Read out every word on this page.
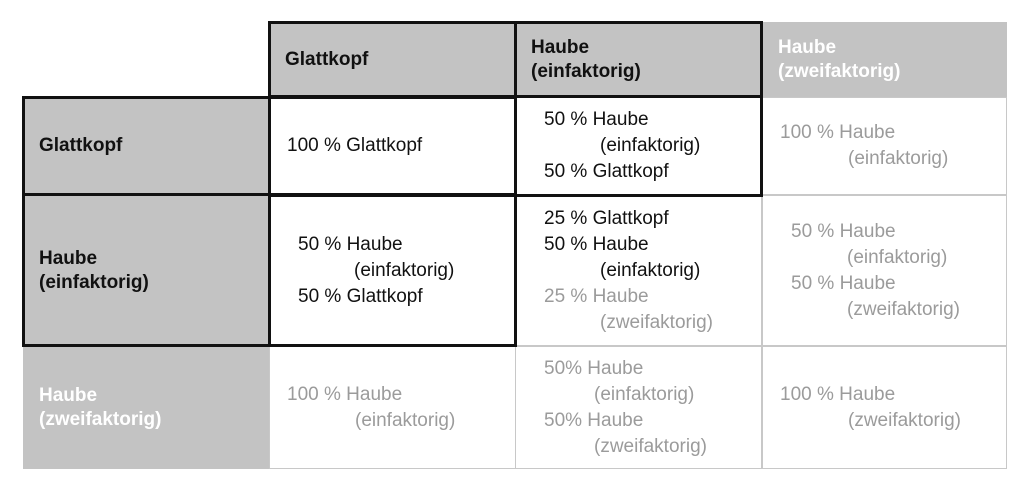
Glattkopf
Haube
(einfaktorig)
Haube
(zweifaktorig)
Glattkopf
Haube
(einfaktorig)
Haube
(zweifaktorig)
100 % Glattkopf
50 % Haube
(einfaktorig)
50 % Glattkopf
100 % Haube
(einfaktorig)
50 % Haube
(einfaktorig)
50 % Glattkopf
25 % Glattkopf
50 % Haube
(einfaktorig)
25 % Haube
(zweifaktorig)
50 % Haube
(einfaktorig)
50 % Haube
(zweifaktorig)
100 % Haube
(einfaktorig)
50% Haube
(einfaktorig)
50% Haube
(zweifaktorig)
100 % Haube
(zweifaktorig)
